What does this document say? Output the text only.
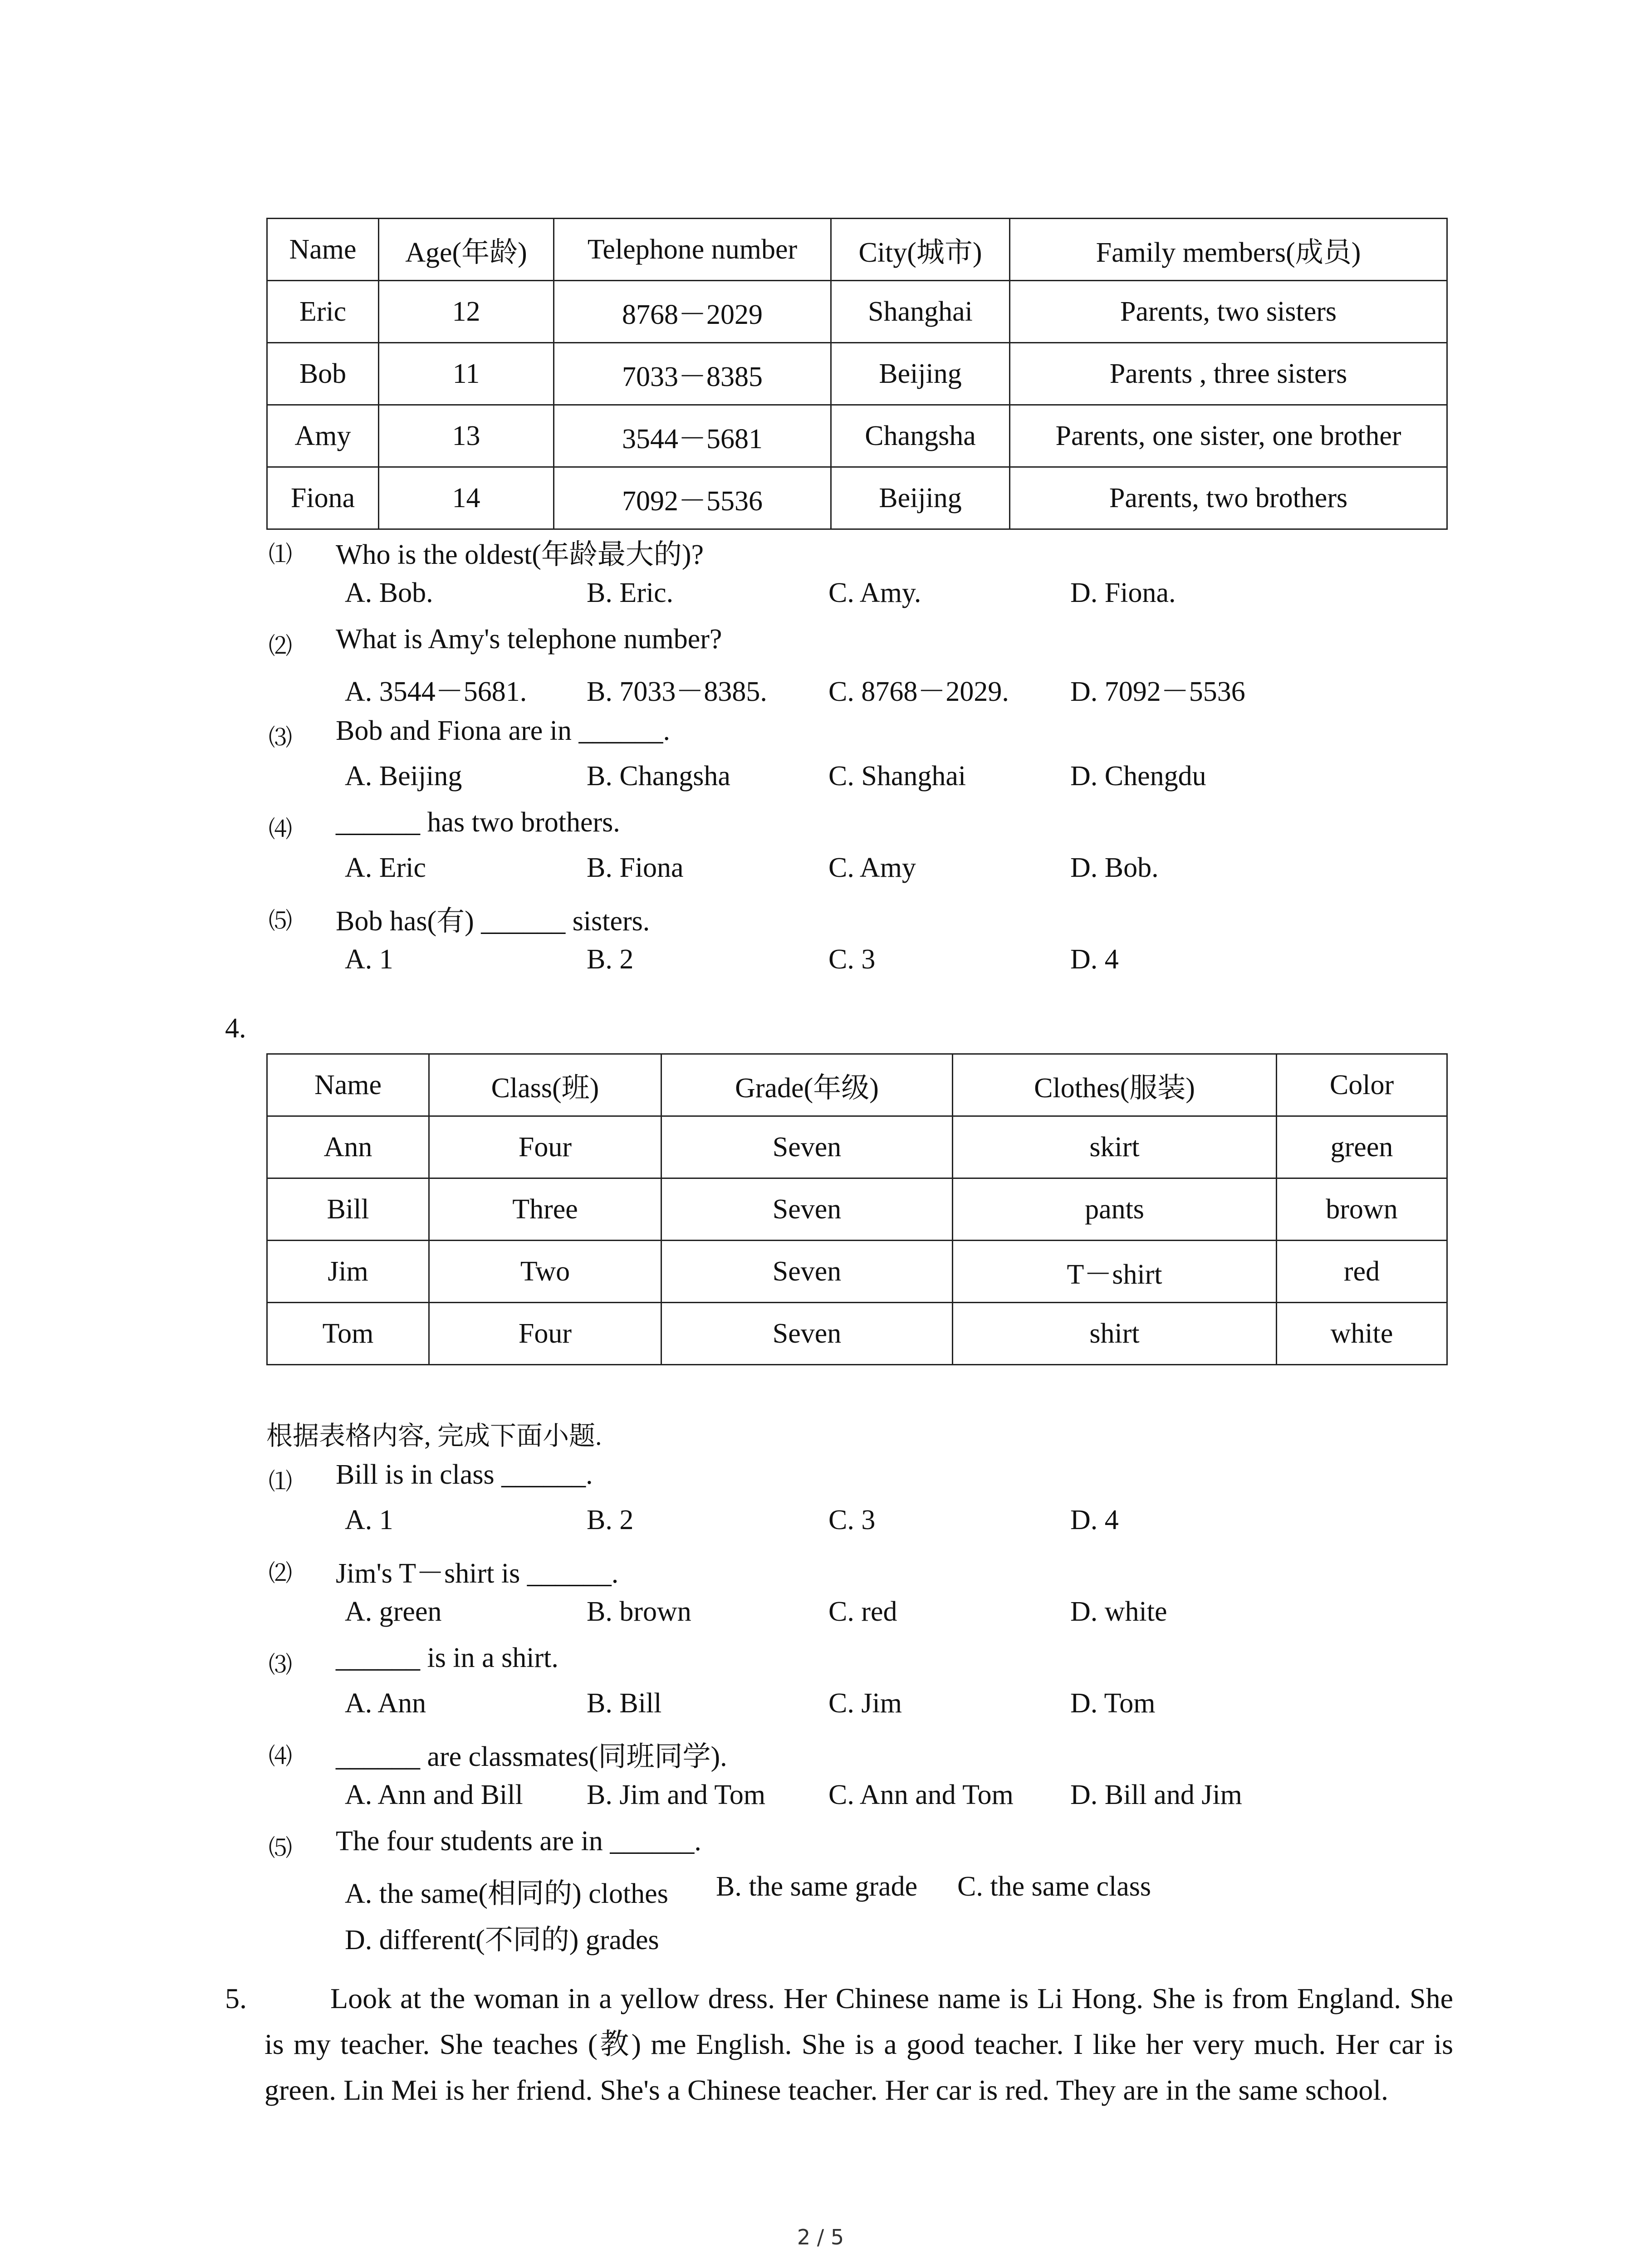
Name	Age(年龄)	Telephone number	City(城市)	Family members(成员)
Eric	12	8768－2029	Shanghai	Parents, two sisters
Bob	11	7033－8385	Beijing	Parents , three sisters
Amy	13	3544－5681	Changsha	Parents, one sister, one brother
Fiona	14	7092－5536	Beijing	Parents, two brothers
⑴ Who is the oldest(年龄最大的)?
A. Bob.	B. Eric.	C. Amy.	D. Fiona.
⑵ What is Amy's telephone number?
A. 3544－5681. B. 7033－8385. C. 8768－2029. D. 7092－5536
⑶ Bob and Fiona are in ______.
A. Beijing	B. Changsha	C. Shanghai	D. Chengdu
⑷ ______ has two brothers.
A. Eric	B. Fiona	C. Amy	D. Bob.
⑸ Bob has(有) ______ sisters.
A. 1	B. 2	C. 3	D. 4
4.
Name	Class(班)	Grade(年级)	Clothes(服装)	Color
Ann	Four	Seven	skirt	green
Bill	Three	Seven	pants	brown
Jim	Two	Seven	T－shirt	red
Tom	Four	Seven	shirt	white
根据表格内容, 完成下面小题.
⑴ Bill is in class ______.
A. 1	B. 2	C. 3	D. 4
⑵ Jim's T－shirt is ______.
A. green	B. brown	C. red	D. white
⑶ ______ is in a shirt.
A. Ann	B. Bill	C. Jim	D. Tom
⑷ ______ are classmates(同班同学).
A. Ann and Bill B. Jim and Tom C. Ann and Tom D. Bill and Jim
⑸ The four students are in ______.
A. the same(相同的) clothes B. the same grade C. the same class
D. different(不同的) grades
5.	Look at the woman in a yellow dress. Her Chinese name is Li Hong. She is from England. She is my teacher. She teaches (教) me English. She is a good teacher. I like her very much. Her car is green. Lin Mei is her friend. She's a Chinese teacher. Her car is red. They are in the same school.
2 / 5
